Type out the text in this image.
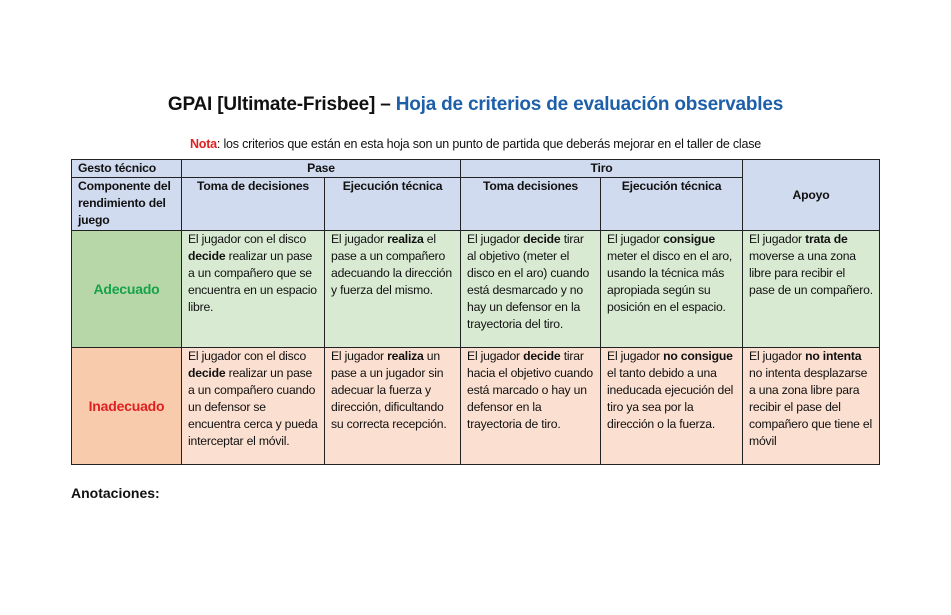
GPAI [Ultimate-Frisbee] – Hoja de criterios de evaluación observables
Nota: los criterios que están en esta hoja son un punto de partida que deberás mejorar en el taller de clase
Gesto técnico	Pase		Tiro		Apoyo
Componente del rendimiento del juego	Toma de decisiones	Ejecución técnica	Toma decisiones	Ejecución técnica	
Adecuado	El jugador con el disco decide realizar un pase a un compañero que se encuentra en un espacio libre.	El jugador realiza el pase a un compañero adecuando la dirección y fuerza del mismo.	El jugador decide tirar al objetivo (meter el disco en el aro) cuando está desmarcado y no hay un defensor en la trayectoria del tiro.	El jugador consigue meter el disco en el aro, usando la técnica más apropiada según su posición en el espacio.	El jugador trata de moverse a una zona libre para recibir el pase de un compañero.
Inadecuado	El jugador con el disco decide realizar un pase a un compañero cuando un defensor se encuentra cerca y pueda interceptar el móvil.	El jugador realiza un pase a un jugador sin adecuar la fuerza y dirección, dificultando su correcta recepción.	El jugador decide tirar hacia el objetivo cuando está marcado o hay un defensor en la trayectoria de tiro.	El jugador no consigue el tanto debido a una ineducada ejecución del tiro ya sea por la dirección o la fuerza.	El jugador no intenta no intenta desplazarse a una zona libre para recibir el pase del compañero que tiene el móvil
Anotaciones:
